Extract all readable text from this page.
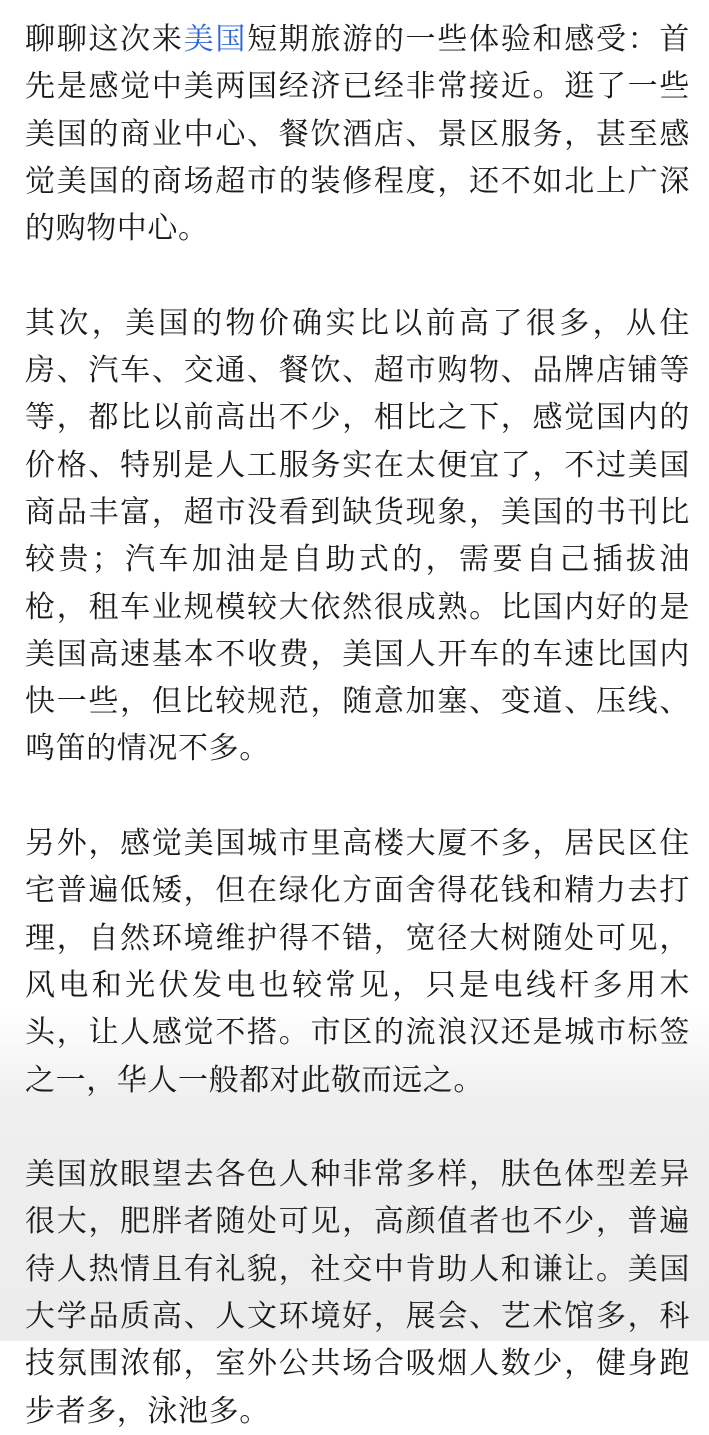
聊聊这次来美国短期旅游的一些体验和感受：首先是感觉中美两国经济已经非常接近。逛了一些美国的商业中心、餐饮酒店、景区服务，甚至感觉美国的商场超市的装修程度，还不如北上广深的购物中心。

其次，美国的物价确实比以前高了很多，从住房、汽车、交通、餐饮、超市购物、品牌店铺等等，都比以前高出不少，相比之下，感觉国内的价格、特别是人工服务实在太便宜了，不过美国商品丰富，超市没看到缺货现象，美国的书刊比较贵；汽车加油是自助式的，需要自己插拔油枪，租车业规模较大依然很成熟。比国内好的是美国高速基本不收费，美国人开车的车速比国内快一些，但比较规范，随意加塞、变道、压线、鸣笛的情况不多。

另外，感觉美国城市里高楼大厦不多，居民区住宅普遍低矮，但在绿化方面舍得花钱和精力去打理，自然环境维护得不错，宽径大树随处可见，风电和光伏发电也较常见，只是电线杆多用木头，让人感觉不搭。市区的流浪汉还是城市标签之一，华人一般都对此敬而远之。

美国放眼望去各色人种非常多样，肤色体型差异很大，肥胖者随处可见，高颜值者也不少，普遍待人热情且有礼貌，社交中肯助人和谦让。美国大学品质高、人文环境好，展会、艺术馆多，科技氛围浓郁，室外公共场合吸烟人数少，健身跑步者多，泳池多。
